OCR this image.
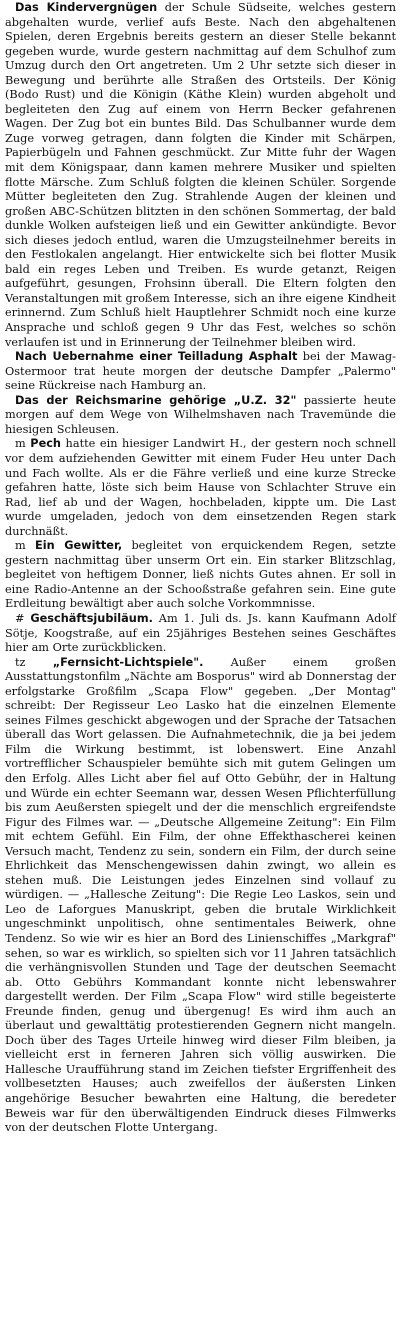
Das Kindervergnügen der Schule Südseite, welches gestern abgehalten wurde, verlief aufs Beste. Nach den abgehaltenen Spielen, deren Ergebnis bereits gestern an dieser Stelle bekannt gegeben wurde, wurde gestern nachmittag auf dem Schulhof zum Umzug durch den Ort angetreten. Um 2 Uhr setzte sich dieser in Bewegung und berührte alle Straßen des Ortsteils. Der König (Bodo Rust) und die Königin (Käthe Klein) wurden abgeholt und begleiteten den Zug auf einem von Herrn Becker gefahrenen Wagen. Der Zug bot ein buntes Bild. Das Schulbanner wurde dem Zuge vorweg getragen, dann folgten die Kinder mit Schärpen, Papierbügeln und Fahnen geschmückt. Zur Mitte fuhr der Wagen mit dem Königspaar, dann kamen mehrere Musiker und spielten flotte Märsche. Zum Schluß folgten die kleinen Schüler. Sorgende Mütter begleiteten den Zug. Strahlende Augen der kleinen und großen ABC-Schützen blitzten in den schönen Sommertag, der bald dunkle Wolken aufsteigen ließ und ein Gewitter ankündigte. Bevor sich dieses jedoch entlud, waren die Umzugsteilnehmer bereits in den Festlokalen angelangt. Hier entwickelte sich bei flotter Musik bald ein reges Leben und Treiben. Es wurde getanzt, Reigen aufgeführt, gesungen, Frohsinn überall. Die Eltern folgten den Veranstaltungen mit großem Interesse, sich an ihre eigene Kindheit erinnernd. Zum Schluß hielt Hauptlehrer Schmidt noch eine kurze Ansprache und schloß gegen 9 Uhr das Fest, welches so schön verlaufen ist und in Erinnerung der Teilnehmer bleiben wird.

Nach Uebernahme einer Teilladung Asphalt bei der Mawag-Ostermoor trat heute morgen der deutsche Dampfer „Palermo" seine Rückreise nach Hamburg an.

Das der Reichsmarine gehörige „U.Z. 32" passierte heute morgen auf dem Wege von Wilhelmshaven nach Travemünde die hiesigen Schleusen.

m Pech hatte ein hiesiger Landwirt H., der gestern noch schnell vor dem aufziehenden Gewitter mit einem Fuder Heu unter Dach und Fach wollte. Als er die Fähre verließ und eine kurze Strecke gefahren hatte, löste sich beim Hause von Schlachter Struve ein Rad, lief ab und der Wagen, hochbeladen, kippte um. Die Last wurde umgeladen, jedoch von dem einsetzenden Regen stark durchnäßt.

m Ein Gewitter, begleitet von erquickendem Regen, setzte gestern nachmittag über unserm Ort ein. Ein starker Blitzschlag, begleitet von heftigem Donner, ließ nichts Gutes ahnen. Er soll in eine Radio-Antenne an der Schooßstraße gefahren sein. Eine gute Erdleitung bewältigt aber auch solche Vorkommnisse.

# Geschäftsjubiläum. Am 1. Juli ds. Js. kann Kaufmann Adolf Sötje, Koogstraße, auf ein 25jähriges Bestehen seines Geschäftes hier am Orte zurückblicken.

tz „Fernsicht-Lichtspiele". Außer einem großen Ausstattungstonfilm „Nächte am Bosporus" wird ab Donnerstag der erfolgstarke Großfilm „Scapa Flow" gegeben. „Der Montag" schreibt: Der Regisseur Leo Lasko hat die einzelnen Elemente seines Filmes geschickt abgewogen und der Sprache der Tatsachen überall das Wort gelassen. Die Aufnahmetechnik, die ja bei jedem Film die Wirkung bestimmt, ist lobenswert. Eine Anzahl vortrefflicher Schauspieler bemühte sich mit gutem Gelingen um den Erfolg. Alles Licht aber fiel auf Otto Gebühr, der in Haltung und Würde ein echter Seemann war, dessen Wesen Pflichterfüllung bis zum Aeußersten spiegelt und der die menschlich ergreifendste Figur des Filmes war. — „Deutsche Allgemeine Zeitung": Ein Film mit echtem Gefühl. Ein Film, der ohne Effekthascherei keinen Versuch macht, Tendenz zu sein, sondern ein Film, der durch seine Ehrlichkeit das Menschengewissen dahin zwingt, wo allein es stehen muß. Die Leistungen jedes Einzelnen sind vollauf zu würdigen. — „Hallesche Zeitung": Die Regie Leo Laskos, sein und Leo de Laforgues Manuskript, geben die brutale Wirklichkeit ungeschminkt unpolitisch, ohne sentimentales Beiwerk, ohne Tendenz. So wie wir es hier an Bord des Linienschiffes „Markgraf" sehen, so war es wirklich, so spielten sich vor 11 Jahren tatsächlich die verhängnisvollen Stunden und Tage der deutschen Seemacht ab. Otto Gebührs Kommandant konnte nicht lebenswahrer dargestellt werden. Der Film „Scapa Flow" wird stille begeisterte Freunde finden, genug und übergenug! Es wird ihm auch an überlaut und gewalttätig protestierenden Gegnern nicht mangeln. Doch über des Tages Urteile hinweg wird dieser Film bleiben, ja vielleicht erst in ferneren Jahren sich völlig auswirken. Die Hallesche Uraufführung stand im Zeichen tiefster Ergriffenheit des vollbesetzten Hauses; auch zweifellos der äußersten Linken angehörige Besucher bewahrten eine Haltung, die beredeter Beweis war für den überwältigenden Eindruck dieses Filmwerks von der deutschen Flotte Untergang.
